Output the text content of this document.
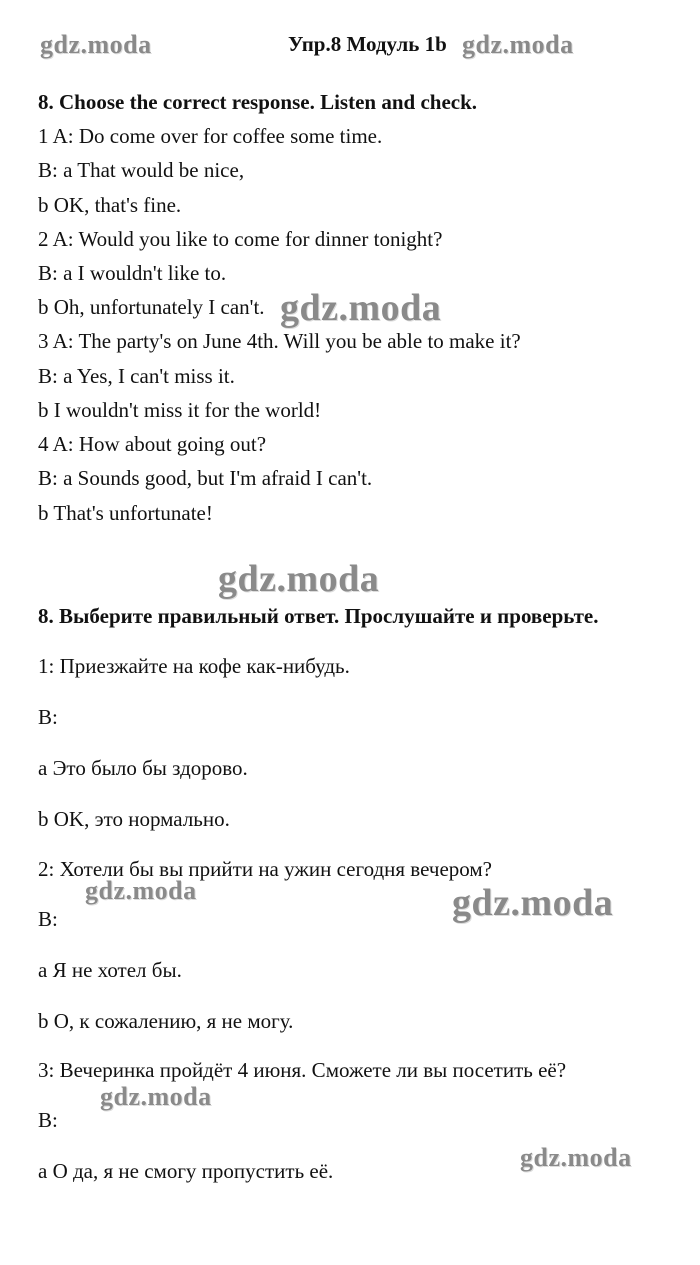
gdz.moda	Упр.8 Модуль 1b gdz.moda
8. Choose the correct response. Listen and check.
1 A: Do come over for coffee some time.
B: a That would be nice,
b OK, that's fine.
2 A: Would you like to come for dinner tonight?
B: a I wouldn't like to.
b Oh, unfortunately I can't. gdz.moda
3 A: The party's on June 4th. Will you be able to make it?
B: a Yes, I can't miss it.
b I wouldn't miss it for the world!
4 A: How about going out?
B: a Sounds good, but I'm afraid I can't.
b That's unfortunate!
gdz.moda
8. Выберите правильный ответ. Прослушайте и проверьте.
1: Приезжайте на кофе как-нибудь.
B:
a Это было бы здорово.
b OK, это нормально.
2: Хотели бы вы прийти на ужин сегодня вечером?
gdz.moda	gdz.moda
B:
a Я не хотел бы.
b O, к сожалению, я не могу.
3: Вечеринка пройдёт 4 июня. Сможете ли вы посетить её?
gdz.moda
B:
gdz.moda
a O да, я не смогу пропустить её.
